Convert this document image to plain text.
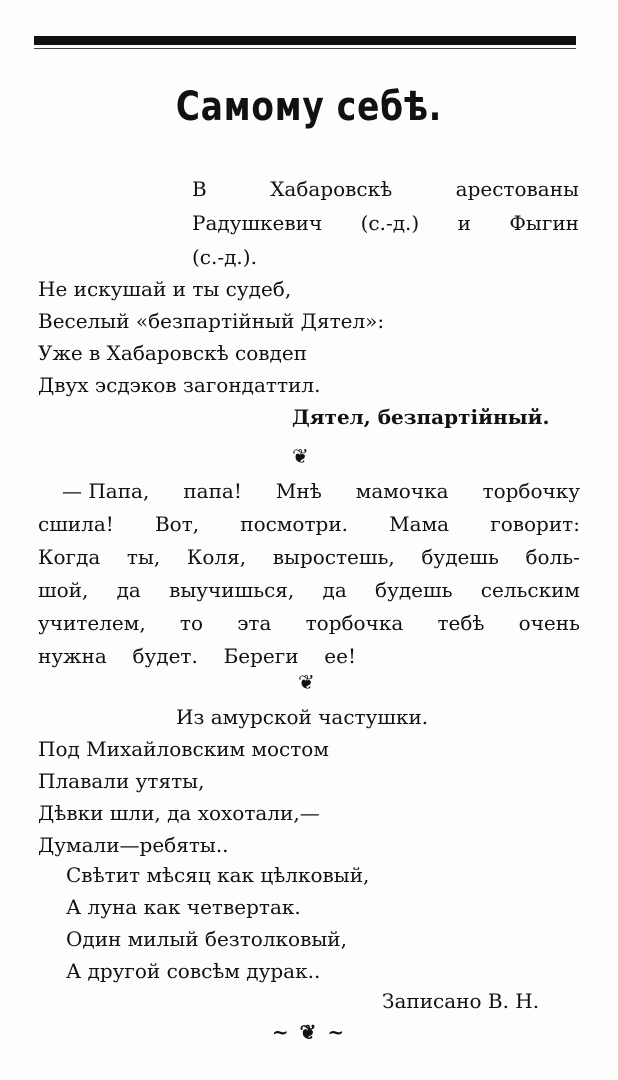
Самому себѣ.
В	Хабаровскѣ	арестованы
Радушкевич (с.-д.) и Фыгин
(с.-д.).
Не искушай и ты судеб,
Веселый «безпартійный Дятел»:
Уже в Хабаровскѣ совдеп
Двух эсдэков загондаттил.
Дятел, безпартійный.
❦
— Папа, папа! Мнѣ мамочка торбочку
сшила! Вот, посмотри. Мама говорит:
Когда ты, Коля, выростешь, будешь боль-
шой, да выучишься, да будешь сельским
учителем, то эта торбочка тебѣ очень
нужна будет. Береги ее!
❦
Из амурской частушки.
Под Михайловским мостом
Плавали утяты,
Дѣвки шли, да хохотали,—
Думали—ребяты..
Свѣтит мѣсяц как цѣлковый,
А луна как четвертак.
Один милый безтолковый,
А другой совсѣм дурак..
Записано В. Н.
~ ❦ ~
